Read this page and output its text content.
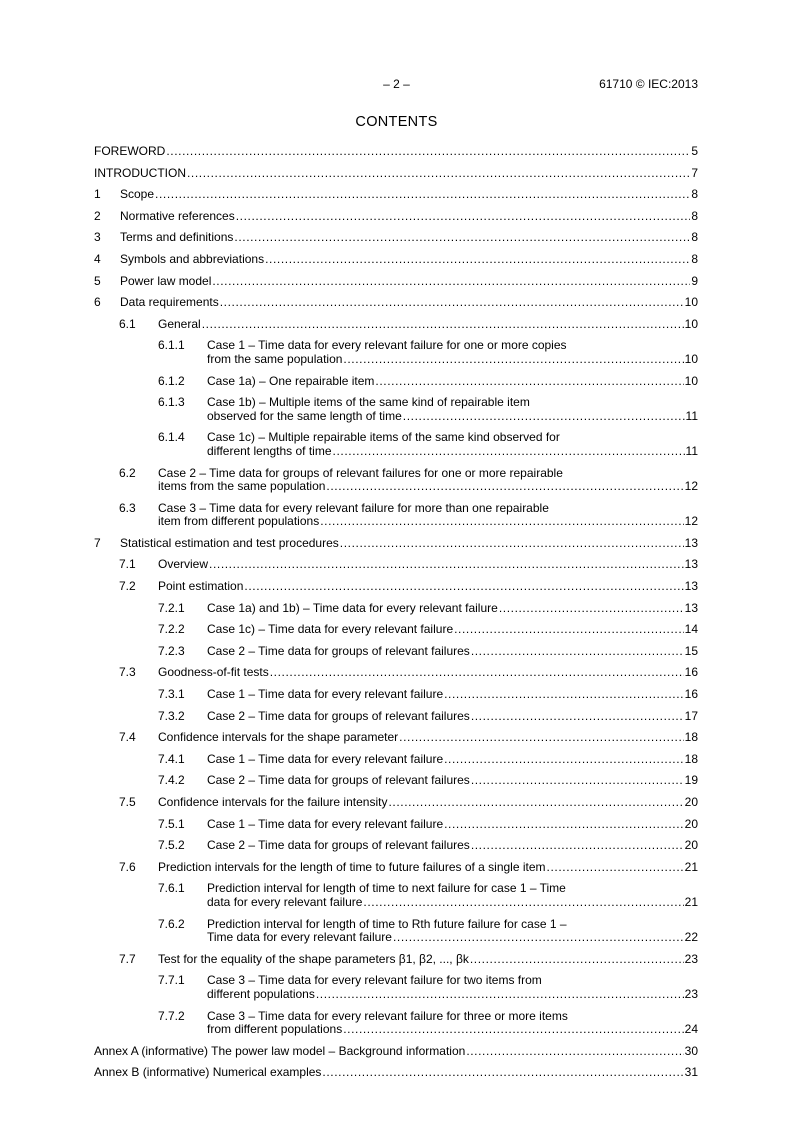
– 2 –	61710 © IEC:2013
CONTENTS
FOREWORD .....	5
INTRODUCTION .....	7
1 Scope .....	8
2 Normative references .....	8
3 Terms and definitions .....	8
4 Symbols and abbreviations .....	8
5 Power law model .....	9
6 Data requirements .....	10
6.1 General .....	10
6.1.1 Case 1 – Time data for every relevant failure for one or more copies
from the same population .....	10
6.1.2 Case 1a) – One repairable item .....	10
6.1.3 Case 1b) – Multiple items of the same kind of repairable item
observed for the same length of time .....	11
6.1.4 Case 1c) – Multiple repairable items of the same kind observed for
different lengths of time .....	11
6.2 Case 2 – Time data for groups of relevant failures for one or more repairable
items from the same population .....	12
6.3 Case 3 – Time data for every relevant failure for more than one repairable
item from different populations .....	12
7 Statistical estimation and test procedures .....	13
7.1 Overview .....	13
7.2 Point estimation .....	13
7.2.1 Case 1a) and 1b) – Time data for every relevant failure .....	13
7.2.2 Case 1c) – Time data for every relevant failure .....	14
7.2.3 Case 2 – Time data for groups of relevant failures .....	15
7.3 Goodness-of-fit tests .....	16
7.3.1 Case 1 – Time data for every relevant failure .....	16
7.3.2 Case 2 – Time data for groups of relevant failures .....	17
7.4 Confidence intervals for the shape parameter .....	18
7.4.1 Case 1 – Time data for every relevant failure .....	18
7.4.2 Case 2 – Time data for groups of relevant failures .....	19
7.5 Confidence intervals for the failure intensity .....	20
7.5.1 Case 1 – Time data for every relevant failure .....	20
7.5.2 Case 2 – Time data for groups of relevant failures .....	20
7.6 Prediction intervals for the length of time to future failures of a single item .....	21
7.6.1 Prediction interval for length of time to next failure for case 1 – Time
data for every relevant failure .....	21
7.6.2 Prediction interval for length of time to Rth future failure for case 1 –
Time data for every relevant failure .....	22
7.7 Test for the equality of the shape parameters β1, β2, ..., βk .....	23
7.7.1 Case 3 – Time data for every relevant failure for two items from
different populations .....	23
7.7.2 Case 3 – Time data for every relevant failure for three or more items
from different populations .....	24
Annex A (informative) The power law model – Background information .....	30
Annex B (informative) Numerical examples .....	31
